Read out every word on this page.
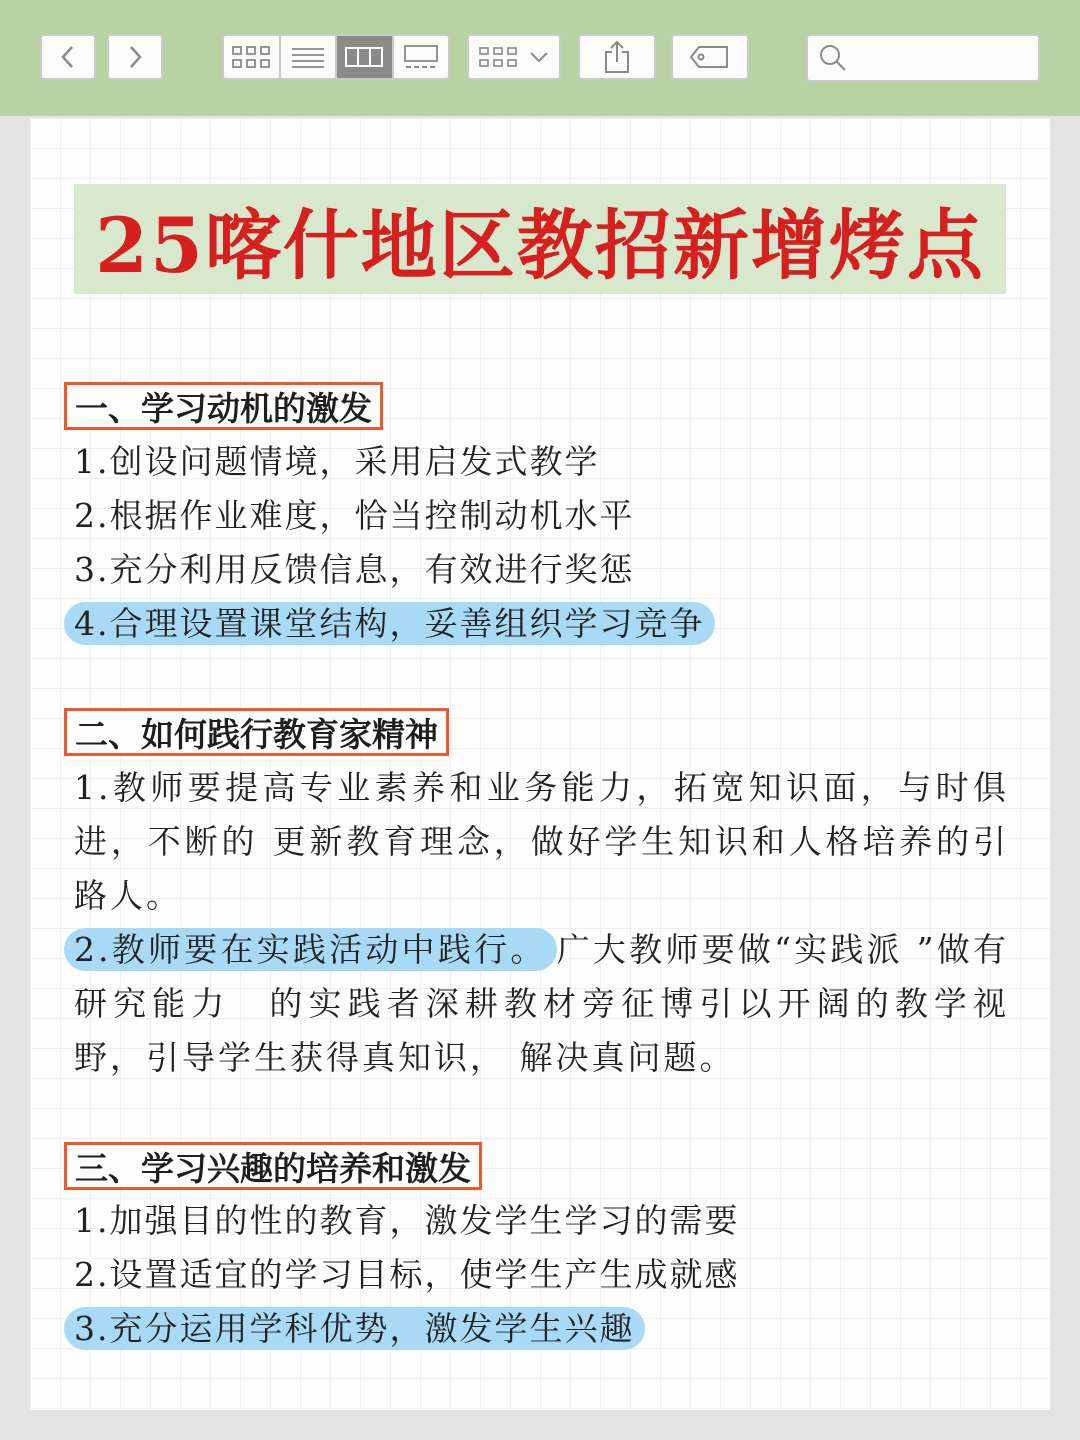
25喀什地区教招新增烤点
一、学习动机的激发
1.创设问题情境，采用启发式教学
2.根据作业难度，恰当控制动机水平
3.充分利用反馈信息，有效进行奖惩
4.合理设置课堂结构，妥善组织学习竞争
二、如何践行教育家精神
1.教师要提高专业素养和业务能力，拓宽知识面，与时俱进，不断的 更新教育理念，做好学生知识和人格培养的引路人。
2.教师要在实践活动中践行。 广大教师要做“实践派 ”做有研究能力　的实践者深耕教材旁征博引以开阔的教学视野，引导学生获得真知识， 解决真问题。
三、学习兴趣的培养和激发
1.加强目的性的教育，激发学生学习的需要
2.设置适宜的学习目标，使学生产生成就感
3.充分运用学科优势，激发学生兴趣
